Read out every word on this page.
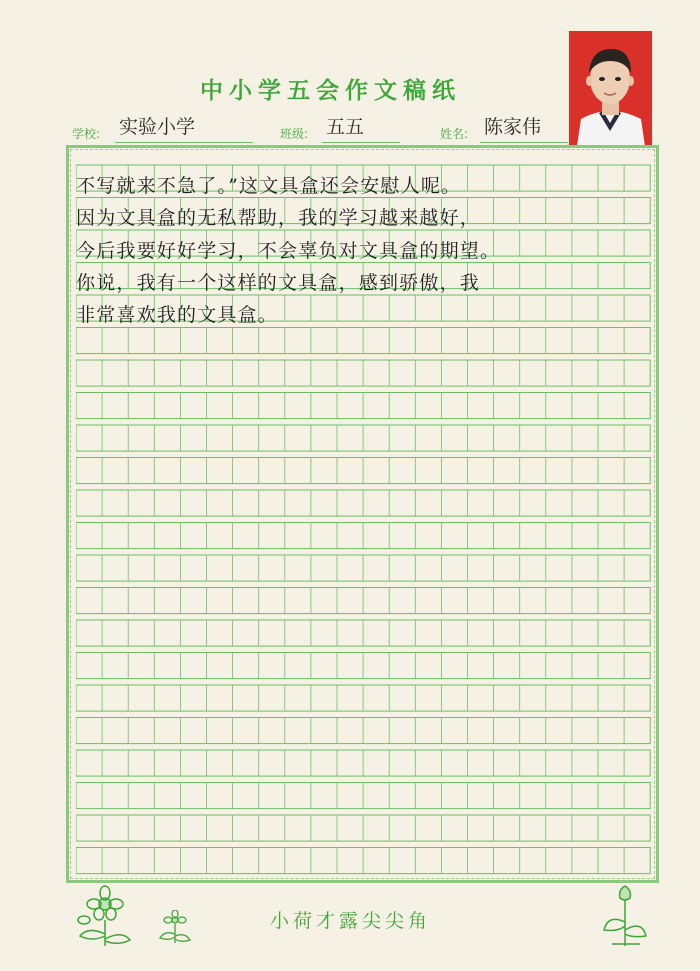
中小学五会作文稿纸
学校: 实验小学	班级: 五五	姓名: 陈家伟
不写就来不急了。”这文具盒还会安慰人呢。
因为文具盒的无私帮助，我的学习越来越好，
今后我要好好学习，不会辜负对文具盒的期望。
你说，我有一个这样的文具盒，感到骄傲，我
非常喜欢我的文具盒。
小荷才露尖尖角
